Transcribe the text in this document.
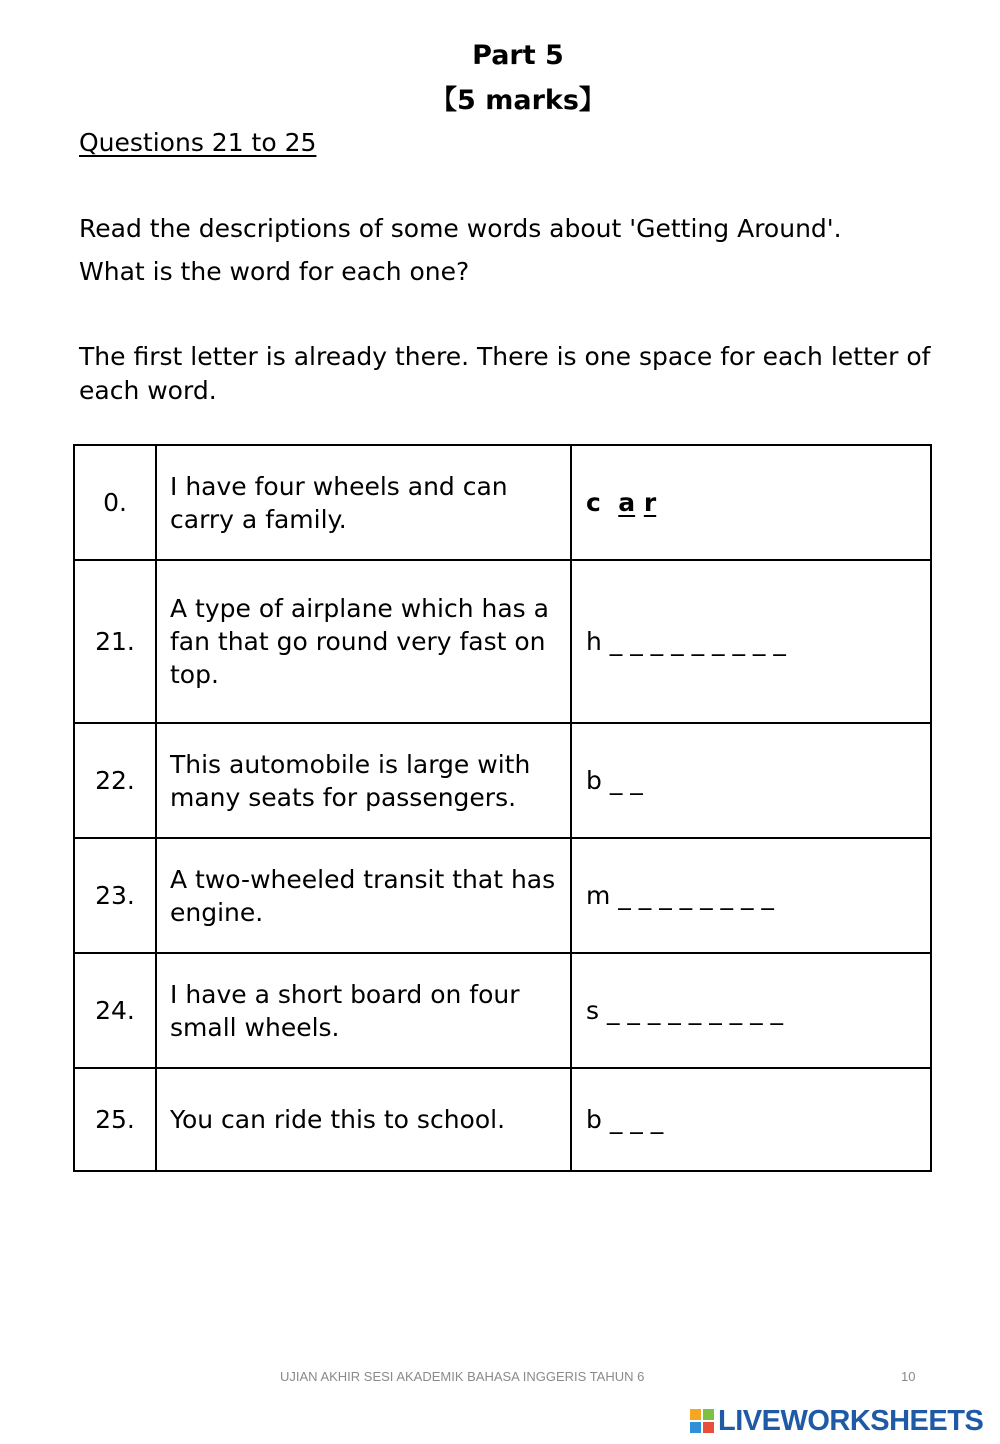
Part 5
【5 marks】
Questions 21 to 25
Read the descriptions of some words about 'Getting Around'.
What is the word for each one?
The first letter is already there. There is one space for each letter of each word.
0.	I have four wheels and can carry a family.	c a r
21.	A type of airplane which has a fan that go round very fast on top.	h _ _ _ _ _ _ _ _ _
22.	This automobile is large with many seats for passengers.	b _ _
23.	A two-wheeled transit that has engine.	m _ _ _ _ _ _ _ _
24.	I have a short board on four small wheels.	s _ _ _ _ _ _ _ _ _
25.	You can ride this to school.	b _ _ _
UJIAN AKHIR SESI AKADEMIK BAHASA INGGERIS TAHUN 6	10
LIVEWORKSHEETS
